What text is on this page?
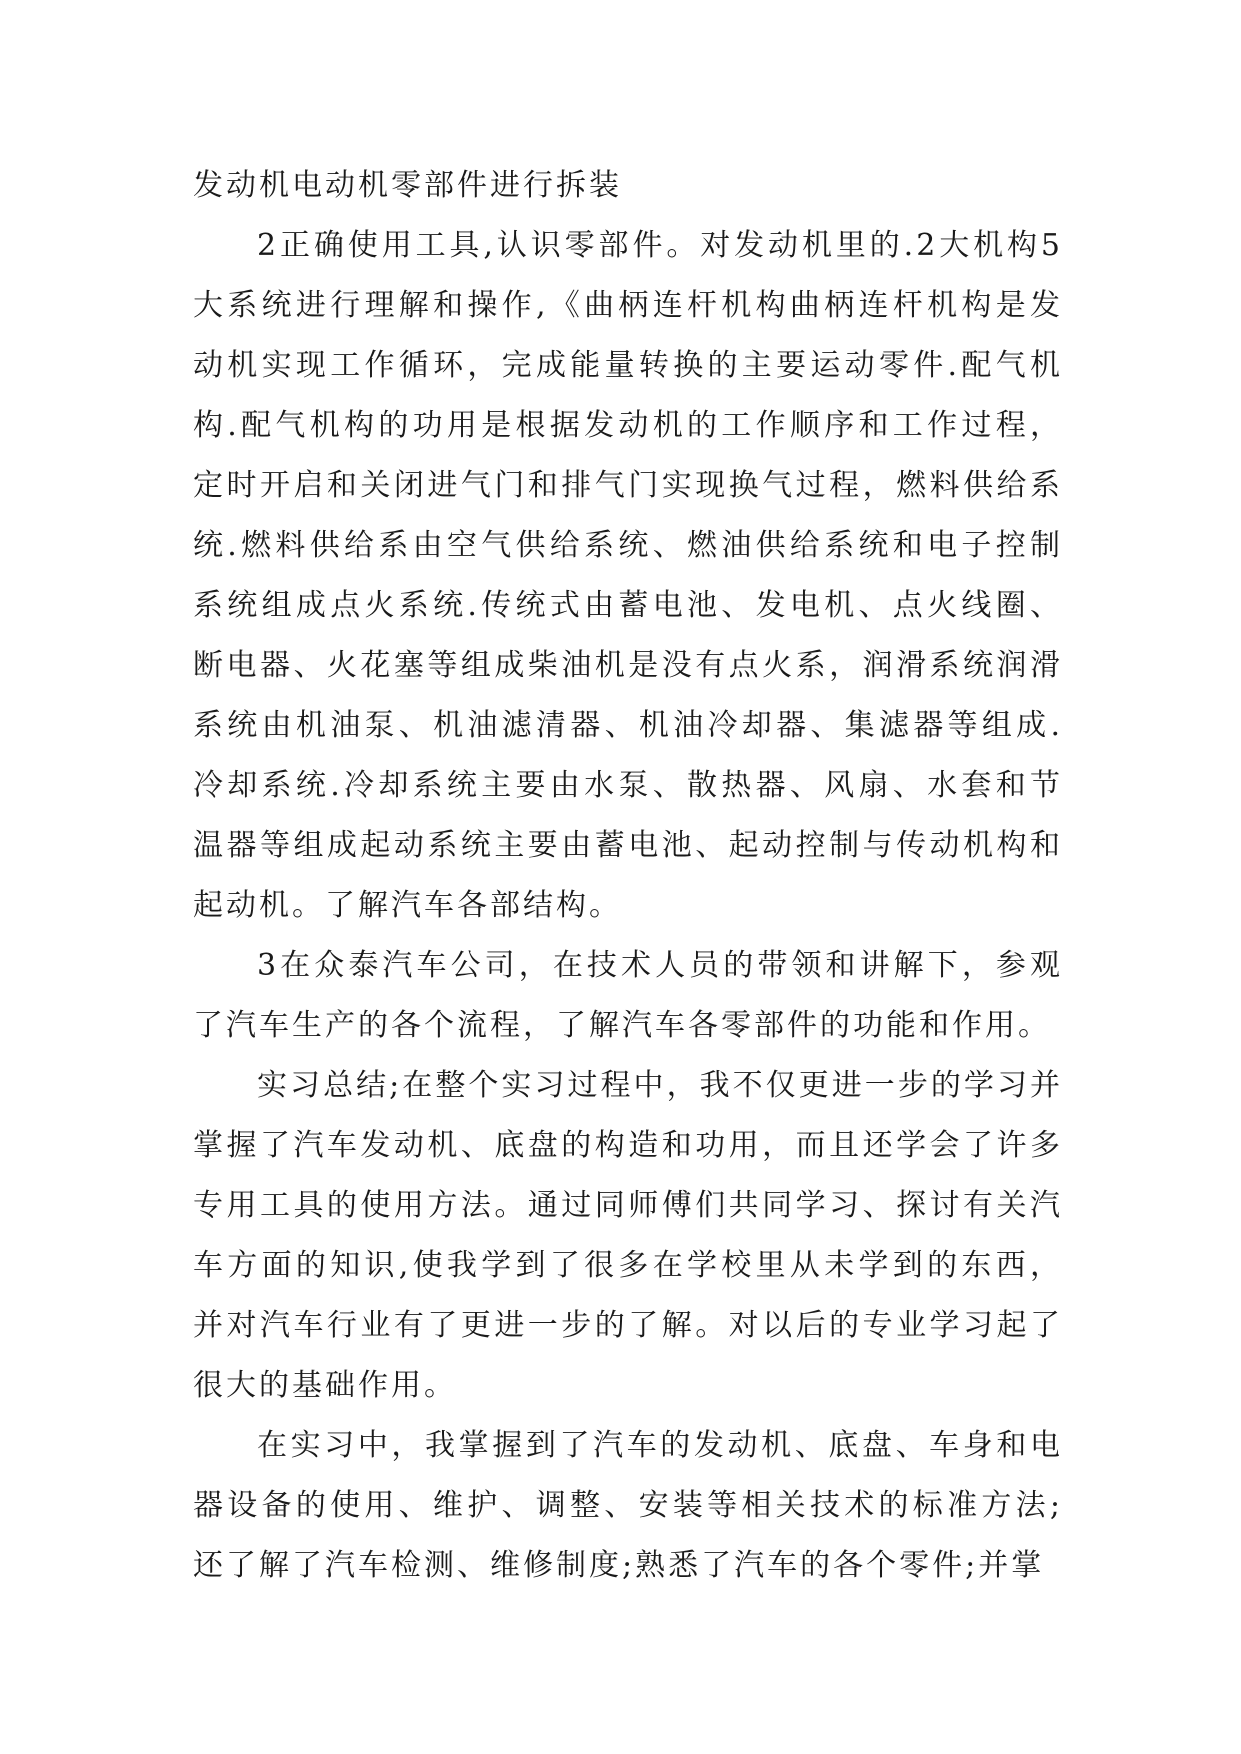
发动机电动机零部件进行拆装

2正确使用工具,认识零部件。对发动机里的.2大机构5大系统进行理解和操作,《曲柄连杆机构曲柄连杆机构是发动机实现工作循环，完成能量转换的主要运动零件.配气机构.配气机构的功用是根据发动机的工作顺序和工作过程，定时开启和关闭进气门和排气门实现换气过程，燃料供给系统.燃料供给系由空气供给系统、燃油供给系统和电子控制系统组成点火系统.传统式由蓄电池、发电机、点火线圈、断电器、火花塞等组成柴油机是没有点火系，润滑系统润滑系统由机油泵、机油滤清器、机油冷却器、集滤器等组成.冷却系统.冷却系统主要由水泵、散热器、风扇、水套和节温器等组成起动系统主要由蓄电池、起动控制与传动机构和起动机。了解汽车各部结构。

3在众泰汽车公司，在技术人员的带领和讲解下，参观了汽车生产的各个流程，了解汽车各零部件的功能和作用。

实习总结;在整个实习过程中，我不仅更进一步的学习并掌握了汽车发动机、底盘的构造和功用，而且还学会了许多专用工具的使用方法。通过同师傅们共同学习、探讨有关汽车方面的知识,使我学到了很多在学校里从未学到的东西，并对汽车行业有了更进一步的了解。对以后的专业学习起了很大的基础作用。

在实习中，我掌握到了汽车的发动机、底盘、车身和电器设备的使用、维护、调整、安装等相关技术的标准方法;还了解了汽车检测、维修制度;熟悉了汽车的各个零件;并掌
